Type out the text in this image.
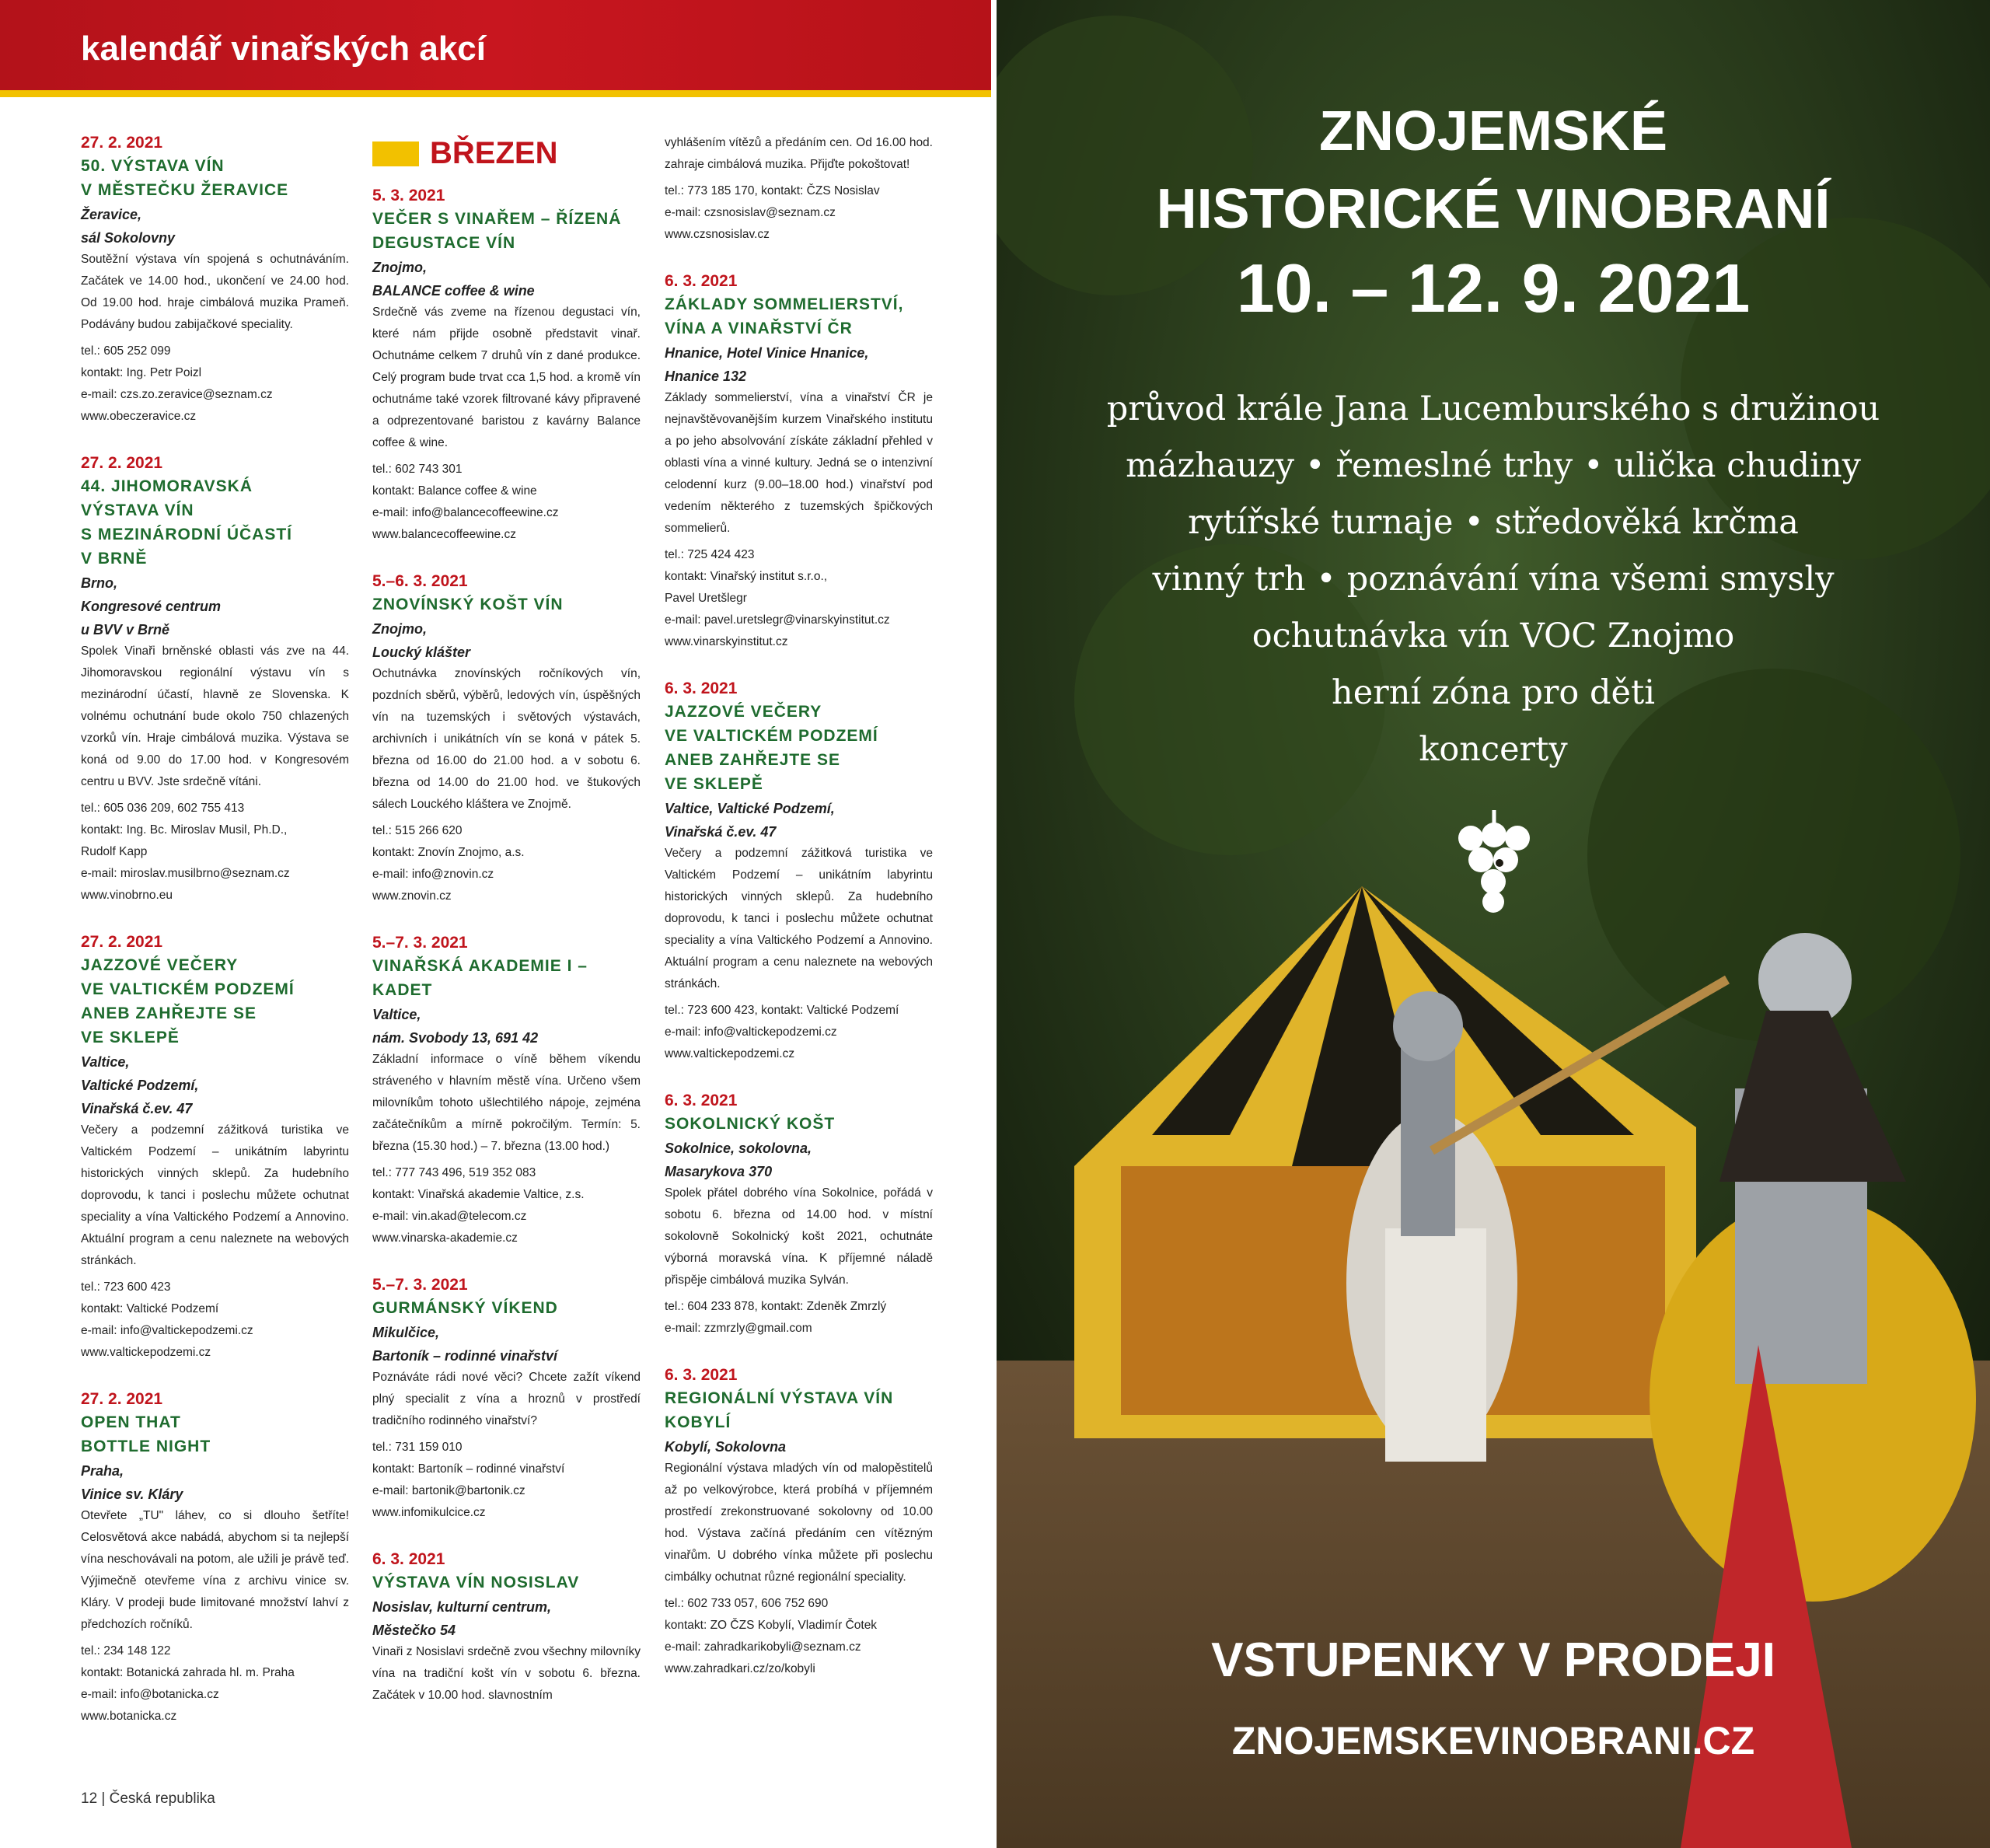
kalendář vinařských akcí
27. 2. 2021
50. VÝSTAVA VÍN
V MĚSTEČKU ŽERAVICE
Žeravice,
sál Sokolovny
Soutěžní výstava vín spojená s ochutnáváním. Začátek ve 14.00 hod., ukončení ve 24.00 hod. Od 19.00 hod. hraje cimbálová muzika Prameň. Podávány budou zabijačkové speciality.
tel.: 605 252 099
kontakt: Ing. Petr Poizl
e-mail: czs.zo.zeravice@seznam.cz
www.obeczeravice.cz
27. 2. 2021
44. JIHOMORAVSKÁ
VÝSTAVA VÍN
S MEZINÁRODNÍ ÚČASTÍ
V BRNĚ
Brno,
Kongresové centrum
u BVV v Brně
Spolek Vinaři brněnské oblasti vás zve na 44. Jihomoravskou regionální výstavu vín s mezinárodní účastí, hlavně ze Slovenska. K volnému ochutnání bude okolo 750 chlazených vzorků vín. Hraje cimbálová muzika. Výstava se koná od 9.00 do 17.00 hod. v Kongresovém centru u BVV. Jste srdečně vítáni.
tel.: 605 036 209, 602 755 413
kontakt: Ing. Bc. Miroslav Musil, Ph.D.,
Rudolf Kapp
e-mail: miroslav.musilbrno@seznam.cz
www.vinobrno.eu
27. 2. 2021
JAZZOVÉ VEČERY
VE VALTICKÉM PODZEMÍ
ANEB ZAHŘEJTE SE
VE SKLEPĚ
Valtice,
Valtické Podzemí,
Vinařská č.ev. 47
Večery a podzemní zážitková turistika ve Valtickém Podzemí – unikátním labyrintu historických vinných sklepů. Za hudebního doprovodu, k tanci i poslechu můžete ochutnat speciality a vína Valtického Podzemí a Annovino. Aktuální program a cenu naleznete na webových stránkách.
tel.: 723 600 423
kontakt: Valtické Podzemí
e-mail: info@valtickepodzemi.cz
www.valtickepodzemi.cz
27. 2. 2021
OPEN THAT
BOTTLE NIGHT
Praha,
Vinice sv. Kláry
Otevřete „TU" láhev, co si dlouho šetříte! Celosvětová akce nabádá, abychom si ta nejlepší vína neschovávali na potom, ale užili je právě teď. Výjimečně otevřeme vína z archivu vinice sv. Kláry. V prodeji bude limitované množství lahví z předchozích ročníků.
tel.: 234 148 122
kontakt: Botanická zahrada hl. m. Praha
e-mail: info@botanicka.cz
www.botanicka.cz
BŘEZEN
5. 3. 2021
VEČER S VINAŘEM – ŘÍZENÁ
DEGUSTACE VÍN
Znojmo,
BALANCE coffee & wine
Srdečně vás zveme na řízenou degustaci vín, které nám přijde osobně představit vinař. Ochutnáme celkem 7 druhů vín z dané produkce. Celý program bude trvat cca 1,5 hod. a kromě vín ochutnáme také vzorek filtrované kávy připravené a odprezentované baristou z kavárny Balance coffee & wine.
tel.: 602 743 301
kontakt: Balance coffee & wine
e-mail: info@balancecoffeewine.cz
www.balancecoffeewine.cz
5.–6. 3. 2021
ZNOVÍNSKÝ KOŠT VÍN
Znojmo,
Loucký klášter
Ochutnávka znovínských ročníkových vín, pozdních sběrů, výběrů, ledových vín, úspěšných vín na tuzemských i světových výstavách, archivních i unikátních vín se koná v pátek 5. března od 16.00 do 21.00 hod. a v sobotu 6. března od 14.00 do 21.00 hod. ve štukových sálech Louckého kláštera ve Znojmě.
tel.: 515 266 620
kontakt: Znovín Znojmo, a.s.
e-mail: info@znovin.cz
www.znovin.cz
5.–7. 3. 2021
VINAŘSKÁ AKADEMIE I –
KADET
Valtice,
nám. Svobody 13, 691 42
Základní informace o víně během víkendu stráveného v hlavním městě vína. Určeno všem milovníkům tohoto ušlechtilého nápoje, zejména začátečníkům a mírně pokročilým. Termín: 5. března (15.30 hod.) – 7. března (13.00 hod.)
tel.: 777 743 496, 519 352 083
kontakt: Vinařská akademie Valtice, z.s.
e-mail: vin.akad@telecom.cz
www.vinarska-akademie.cz
5.–7. 3. 2021
GURMÁNSKÝ VÍKEND
Mikulčice,
Bartoník – rodinné vinařství
Poznáváte rádi nové věci? Chcete zažít víkend plný specialit z vína a hroznů v prostředí tradičního rodinného vinařství?
tel.: 731 159 010
kontakt: Bartoník – rodinné vinařství
e-mail: bartonik@bartonik.cz
www.infomikulcice.cz
6. 3. 2021
VÝSTAVA VÍN NOSISLAV
Nosislav, kulturní centrum,
Městečko 54
Vinaři z Nosislavi srdečně zvou všechny milovníky vína na tradiční košt vín v sobotu 6. března. Začátek v 10.00 hod. slavnostním
vyhlášením vítězů a předáním cen. Od 16.00 hod. zahraje cimbálová muzika. Přijďte pokoštovat!
tel.: 773 185 170, kontakt: ČZS Nosislav
e-mail: czsnosislav@seznam.cz
www.czsnosislav.cz
6. 3. 2021
ZÁKLADY SOMMELIERSTVÍ,
VÍNA A VINAŘSTVÍ ČR
Hnanice, Hotel Vinice Hnanice,
Hnanice 132
Základy sommelierství, vína a vinařství ČR je nejnavštěvovanějším kurzem Vinařského institutu a po jeho absolvování získáte základní přehled v oblasti vína a vinné kultury. Jedná se o intenzivní celodenní kurz (9.00–18.00 hod.) vinařství pod vedením některého z tuzemských špičkových sommelierů.
tel.: 725 424 423
kontakt: Vinařský institut s.r.o.,
Pavel Uretšlegr
e-mail: pavel.uretslegr@vinarskyinstitut.cz
www.vinarskyinstitut.cz
6. 3. 2021
JAZZOVÉ VEČERY
VE VALTICKÉM PODZEMÍ
ANEB ZAHŘEJTE SE
VE SKLEPĚ
Valtice, Valtické Podzemí,
Vinařská č.ev. 47
Večery a podzemní zážitková turistika ve Valtickém Podzemí – unikátním labyrintu historických vinných sklepů. Za hudebního doprovodu, k tanci i poslechu můžete ochutnat speciality a vína Valtického Podzemí a Annovino. Aktuální program a cenu naleznete na webových stránkách.
tel.: 723 600 423, kontakt: Valtické Podzemí
e-mail: info@valtickepodzemi.cz
www.valtickepodzemi.cz
6. 3. 2021
SOKOLNICKÝ KOŠT
Sokolnice, sokolovna,
Masarykova 370
Spolek přátel dobrého vína Sokolnice, pořádá v sobotu 6. března od 14.00 hod. v místní sokolovně Sokolnický košt 2021, ochutnáte výborná moravská vína. K příjemné náladě přispěje cimbálová muzika Sylván.
tel.: 604 233 878, kontakt: Zdeněk Zmrzlý
e-mail: zzmrzly@gmail.com
6. 3. 2021
REGIONÁLNÍ VÝSTAVA VÍN
KOBYLÍ
Kobylí, Sokolovna
Regionální výstava mladých vín od malopěstitelů až po velkovýrobce, která probíhá v příjemném prostředí zrekonstruované sokolovny od 10.00 hod. Výstava začíná předáním cen vítězným vinařům. U dobrého vínka můžete při poslechu cimbálky ochutnat různé regionální speciality.
tel.: 602 733 057, 606 752 690
kontakt: ZO ČZS Kobylí, Vladimír Čotek
e-mail: zahradkarikobyli@seznam.cz
www.zahradkari.cz/zo/kobyli
12 | Česká republika
ZNOJEMSKÉ
HISTORICKÉ VINOBRANÍ
10. – 12. 9. 2021
průvod krále Jana Lucemburského s družinou
mázhauzy • řemeslné trhy • ulička chudiny
rytířské turnaje • středověká krčma
vinný trh • poznávání vína všemi smysly
ochutnávka vín VOC Znojmo
herní zóna pro děti
koncerty
VSTUPENKY V PRODEJI
ZNOJEMSKEVINOBRANI.CZ
